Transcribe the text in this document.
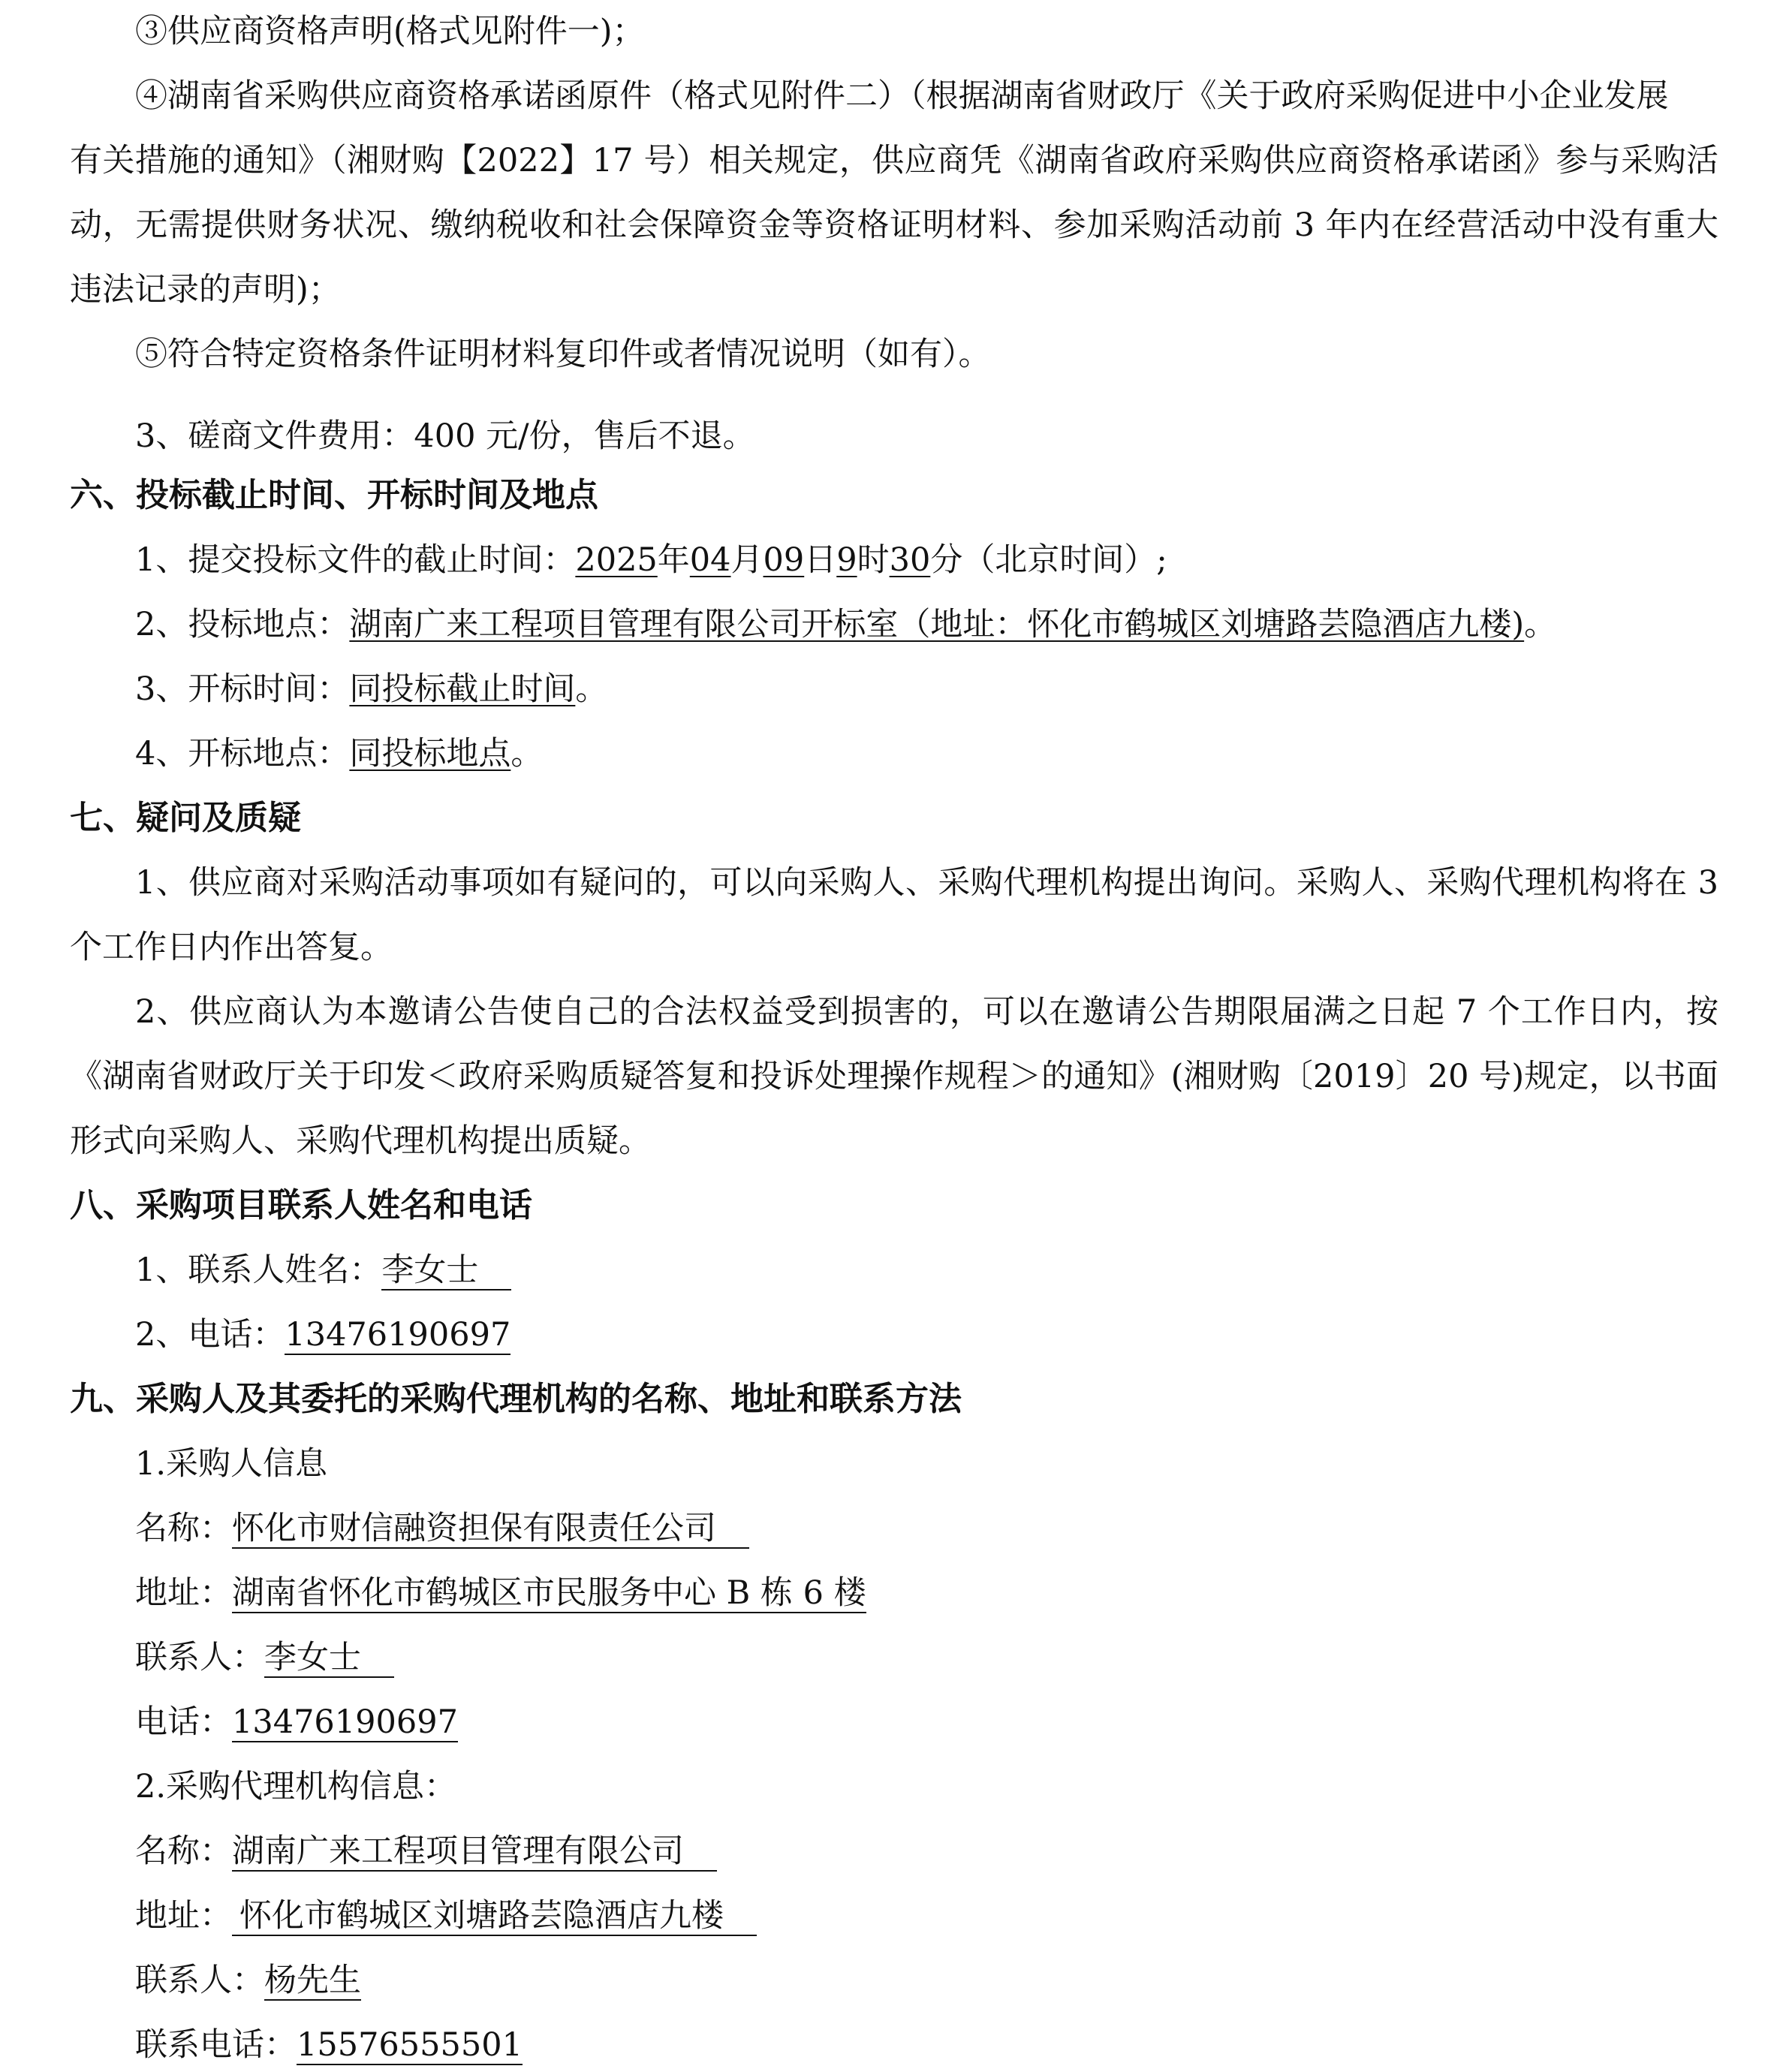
③供应商资格声明(格式见附件一)；
④湖南省采购供应商资格承诺函原件（格式见附件二）（根据湖南省财政厅《关于政府采购促进中小企业发展
有关措施的通知》（湘财购【2022】17 号）相关规定，供应商凭《湖南省政府采购供应商资格承诺函》参与采购活
动，无需提供财务状况、缴纳税收和社会保障资金等资格证明材料、参加采购活动前 3 年内在经营活动中没有重大
违法记录的声明)；
⑤符合特定资格条件证明材料复印件或者情况说明（如有）。
3、磋商文件费用：400 元/份，售后不退。
六、投标截止时间、开标时间及地点
1、提交投标文件的截止时间：2025年04月09日9时30分（北京时间）;
2、投标地点：湖南广来工程项目管理有限公司开标室（地址：怀化市鹤城区刘塘路芸隐酒店九楼)。
3、开标时间：同投标截止时间。
4、开标地点：同投标地点。
七、疑问及质疑
1、供应商对采购活动事项如有疑问的，可以向采购人、采购代理机构提出询问。采购人、采购代理机构将在 3
个工作日内作出答复。
2、供应商认为本邀请公告使自己的合法权益受到损害的，可以在邀请公告期限届满之日起 7 个工作日内，按
《湖南省财政厅关于印发＜政府采购质疑答复和投诉处理操作规程＞的通知》(湘财购〔2019〕20 号)规定，以书面
形式向采购人、采购代理机构提出质疑。
八、采购项目联系人姓名和电话
1、联系人姓名：李女士
2、电话：13476190697
九、采购人及其委托的采购代理机构的名称、地址和联系方法
1.采购人信息
名称：怀化市财信融资担保有限责任公司
地址：湖南省怀化市鹤城区市民服务中心 B 栋 6 楼
联系人：李女士
电话：13476190697
2.采购代理机构信息：
名称：湖南广来工程项目管理有限公司
地址： 怀化市鹤城区刘塘路芸隐酒店九楼
联系人：杨先生
联系电话：15576555501
